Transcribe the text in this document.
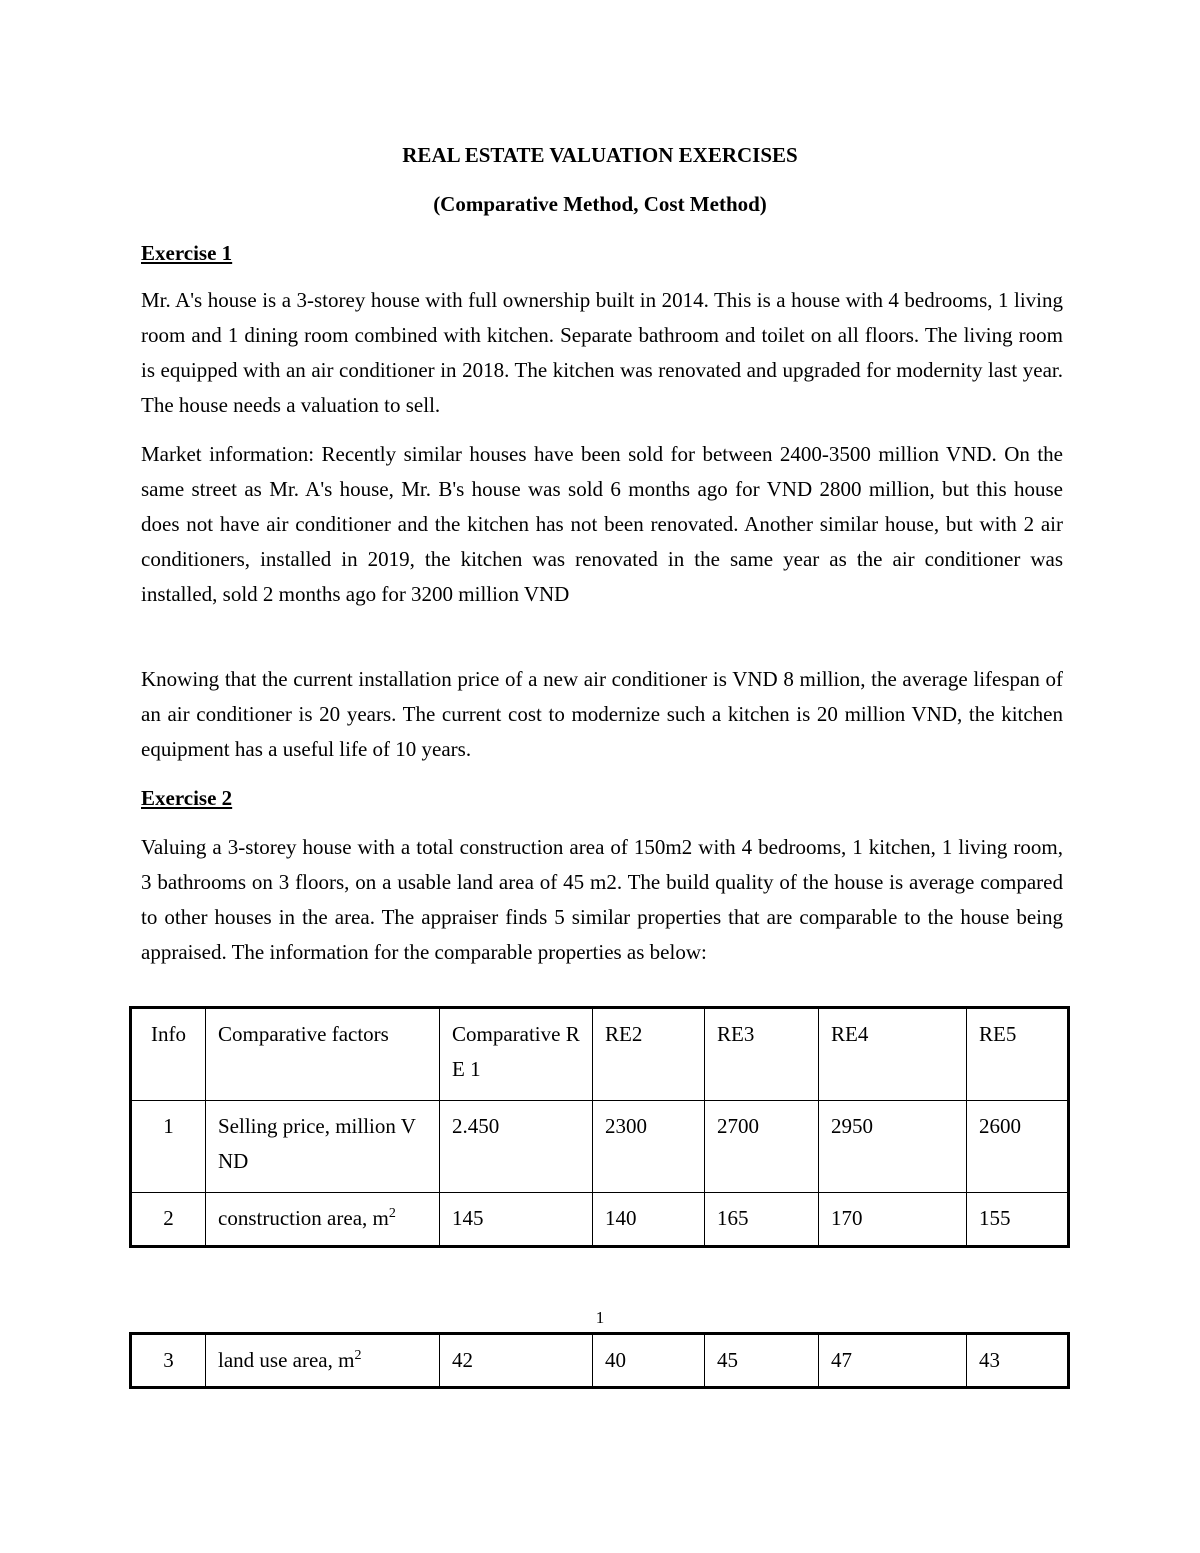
REAL ESTATE VALUATION EXERCISES
(Comparative Method, Cost Method)
Exercise 1

Mr. A's house is a 3-storey house with full ownership built in 2014. This is a house with 4 bedrooms, 1 living room and 1 dining room combined with kitchen. Separate bathroom and toilet on all floors. The living room is equipped with an air conditioner in 2018. The kitchen was renovated and upgraded for modernity last year. The house needs a valuation to sell.

Market information: Recently similar houses have been sold for between 2400-3500 million VND. On the same street as Mr. A's house, Mr. B's house was sold 6 months ago for VND 2800 million, but this house does not have air conditioner and the kitchen has not been renovated. Another similar house, but with 2 air conditioners, installed in 2019, the kitchen was renovated in the same year as the air conditioner was installed, sold 2 months ago for 3200 million VND

Knowing that the current installation price of a new air conditioner is VND 8 million, the average lifespan of an air conditioner is 20 years. The current cost to modernize such a kitchen is 20 million VND, the kitchen equipment has a useful life of 10 years.

Exercise 2

Valuing a 3-storey house with a total construction area of 150m2 with 4 bedrooms, 1 kitchen, 1 living room, 3 bathrooms on 3 floors, on a usable land area of 45 m2. The build quality of the house is average compared to other houses in the area. The appraiser finds 5 similar properties that are comparable to the house being appraised. The information for the comparable properties as below:

Info	Comparative factors	Comparative RE 1	RE2	RE3	RE4	RE5
1	Selling price, million VND	2.450	2300	2700	2950	2600
2	construction area, $m^2$	145	140	165	170	155
1
3	land use area, $m^2$	42	40	45	47	43
